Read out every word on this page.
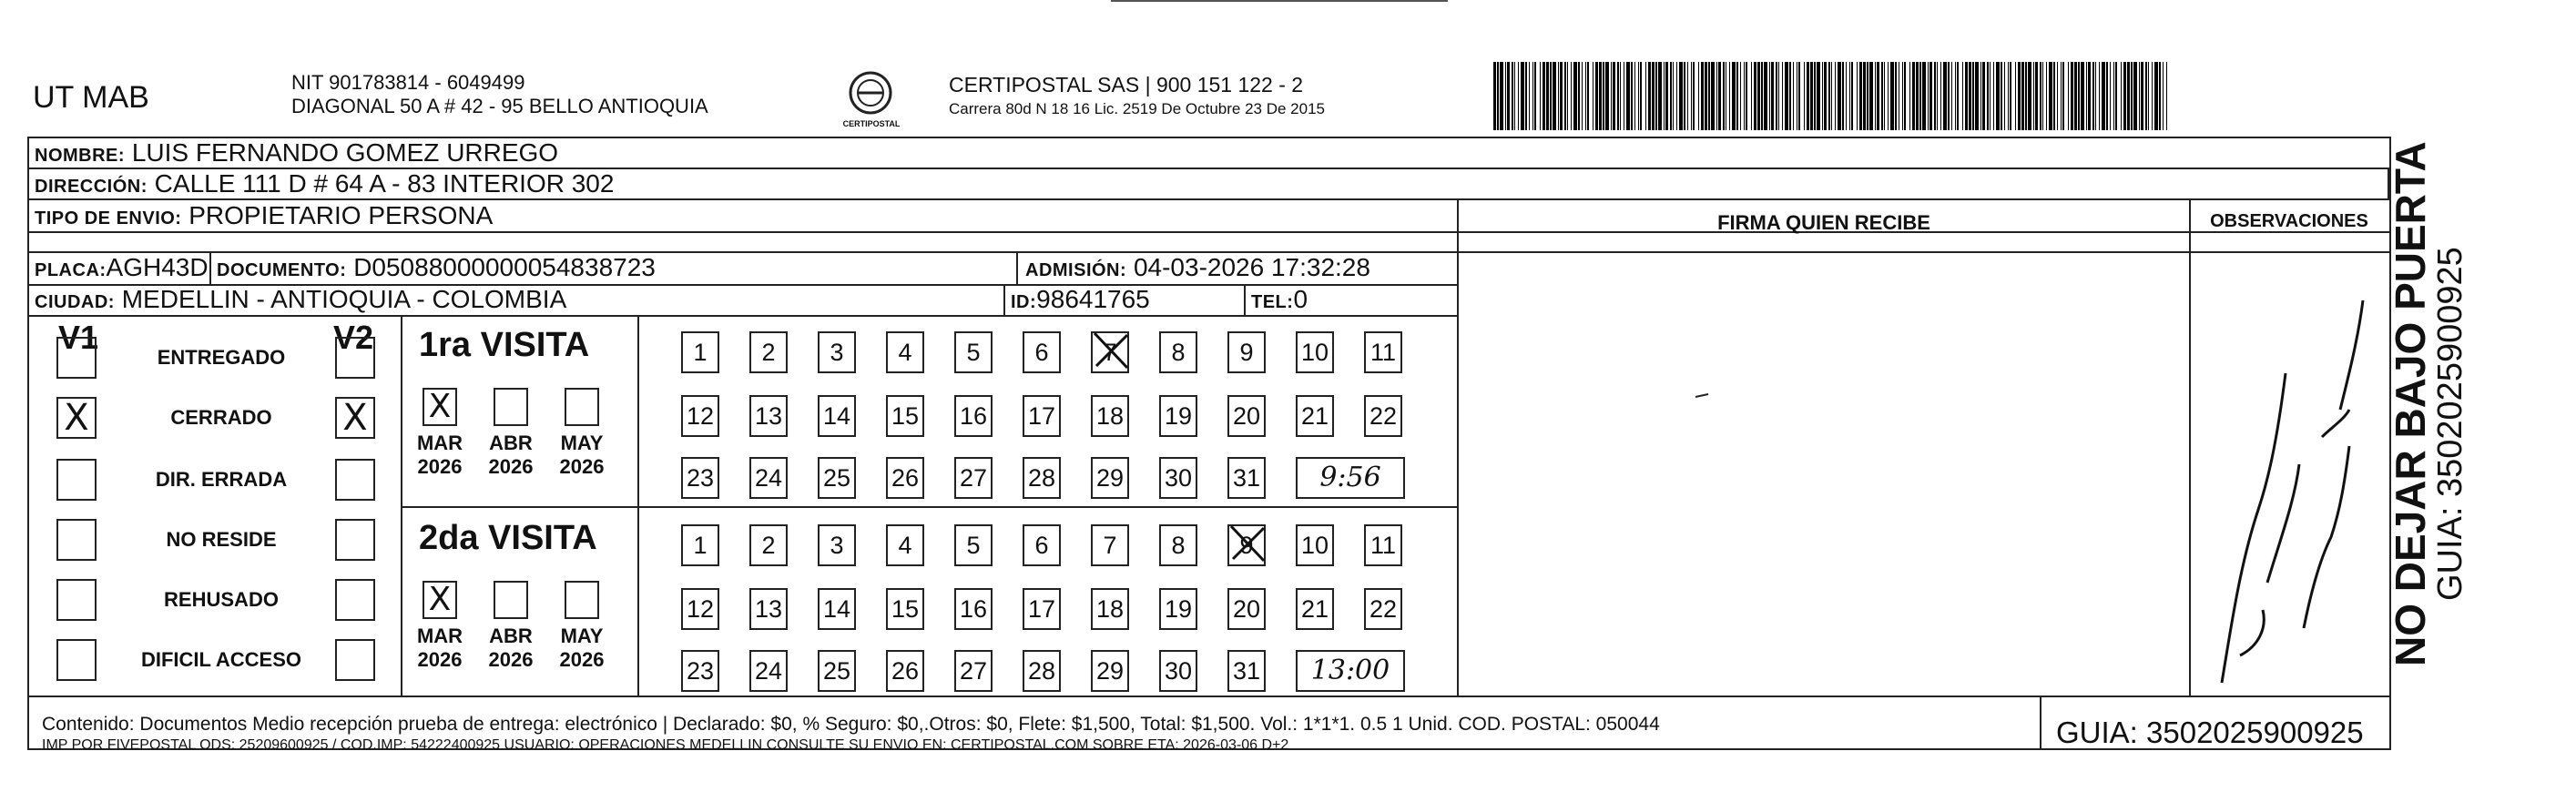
UT MAB	NIT 901783814 - 6049499
DIAGONAL 50 A # 42 - 95 BELLO ANTIOQUIA
CERTIPOSTAL
CERTIPOSTAL SAS | 900 151 122 - 2
Carrera 80d N 18 16 Lic. 2519 De Octubre 23 De 2015
NOMBRE: LUIS FERNANDO GOMEZ URREGO
DIRECCIÓN: CALLE 111 D # 64 A - 83 INTERIOR 302
TIPO DE ENVIO: PROPIETARIO PERSONA	FIRMA QUIEN RECIBE	OBSERVACIONES
PLACA:AGH43D DOCUMENTO: D05088000000054838723	ADMISIÓN: 04-03-2026 17:32:28
CIUDAD: MEDELLIN - ANTIOQUIA - COLOMBIA	ID:98641765	TEL:0
V1	V2
ENTREGADO
X	CERRADO	X
DIR. ERRADA
NO RESIDE
REHUSADO
DIFICIL ACCESO
1ra VISITA
X
MAR
2026
ABR
2026
MAY
2026
1	2	3	4	5	6	7	8	9	10 11
12 13 14 15 16 17 18 19 20 21 22
23 24 25 26 27 28 29 30 31	9:56
2da VISITA
X
MAR
2026
ABR
2026
MAY
2026
1	2	3	4	5	6	7	8	9	10 11
12 13 14 15 16 17 18 19 20 21 22
23 24 25 26 27 28 29 30 31	13:00
Contenido: Documentos Medio recepción prueba de entrega: electrónico | Declarado: $0, % Seguro: $0,.Otros: $0, Flete: $1,500, Total: $1,500. Vol.: 1*1*1. 0.5 1 Unid. COD. POSTAL: 050044
IMP POR FIVEPOSTAL ODS: 25209600925 / COD.IMP: 54222400925 USUARIO: OPERACIONES MEDELLIN CONSULTE SU ENVIO EN: CERTIPOSTAL.COM SOBRE ETA: 2026-03-06 D+2	GUIA: 3502025900925
NO DEJAR BAJO PUERTA
GUIA: 3502025900925
